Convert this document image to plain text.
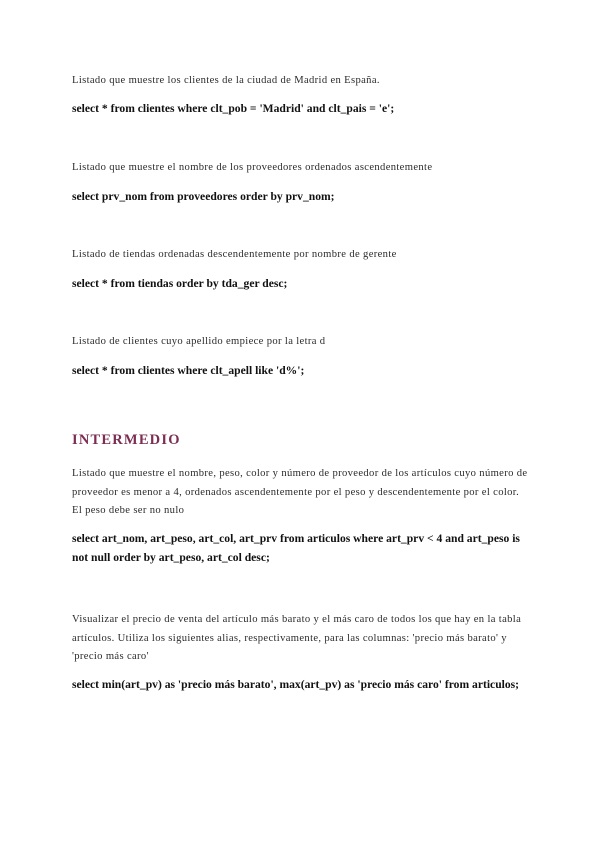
Listado que muestre los clientes de la ciudad de Madrid en España.

select * from clientes where clt_pob = 'Madrid' and clt_pais = 'e';

Listado que muestre el nombre de los proveedores ordenados ascendentemente

select prv_nom from proveedores order by prv_nom;

Listado de tiendas ordenadas descendentemente por nombre de gerente

select * from tiendas order by tda_ger desc;

Listado de clientes cuyo apellido empiece por la letra d

select * from clientes where clt_apell like 'd%';

INTERMEDIO

Listado que muestre el nombre, peso, color y número de proveedor de los artículos cuyo número de proveedor es menor a 4, ordenados ascendentemente por el peso y descendentemente por el color. El peso debe ser no nulo

select art_nom, art_peso, art_col, art_prv from articulos where art_prv < 4 and art_peso is not null order by art_peso, art_col desc;

Visualizar el precio de venta del artículo más barato y el más caro de todos los que hay en la tabla artículos. Utiliza los siguientes alias, respectivamente, para las columnas: 'precio más barato' y 'precio más caro'

select min(art_pv) as 'precio más barato', max(art_pv) as 'precio más caro' from articulos;
